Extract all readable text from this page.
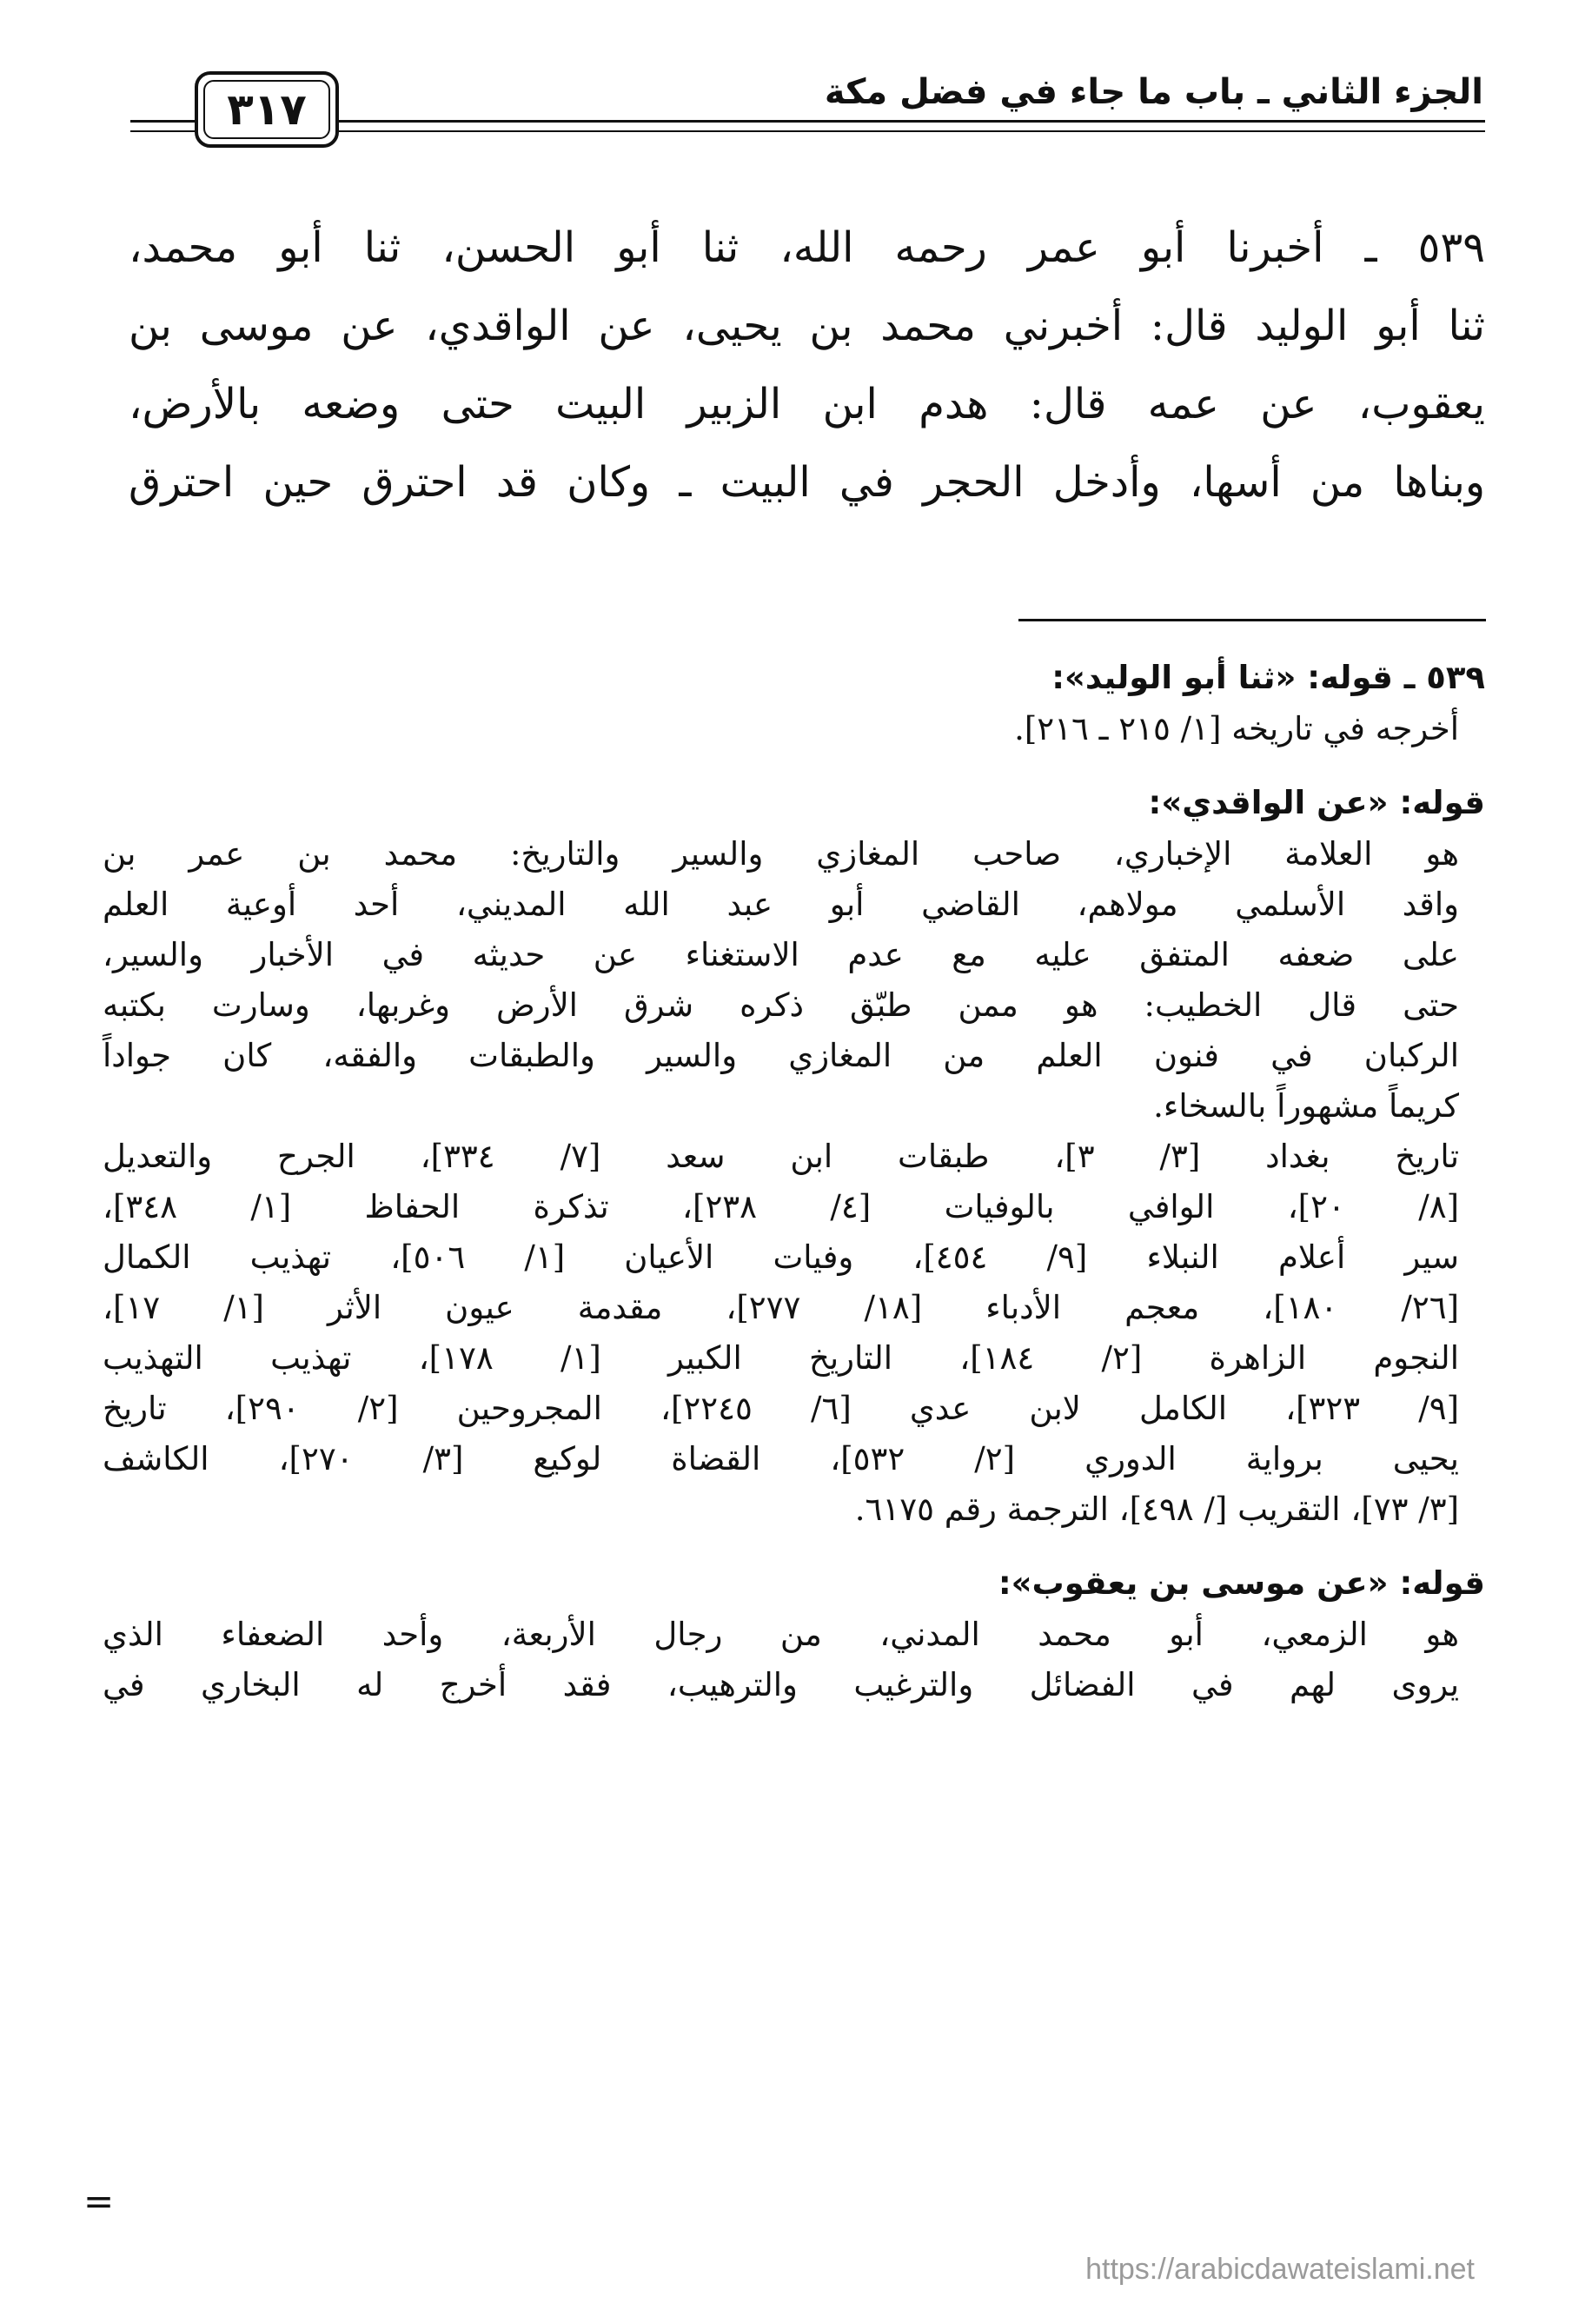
الجزء الثاني ـ باب ما جاء في فضل مكة
٣١٧
٥٣٩ ـ أخبرنا أبو عمر رحمه الله، ثنا أبو الحسن، ثنا أبو محمد،
ثنا أبو الوليد قال: أخبرني محمد بن يحيى، عن الواقدي، عن موسى بن
يعقوب، عن عمه قال: هدم ابن الزبير البيت حتى وضعه بالأرض،
وبناها من أسها، وأدخل الحجر في البيت ـ وكان قد احترق حين احترق
٥٣٩ ـ قوله: «ثنا أبو الوليد»:
أخرجه في تاريخه [١/ ٢١٥ ـ ٢١٦].
قوله: «عن الواقدي»:
هو العلامة الإخباري، صاحب المغازي والسير والتاريخ: محمد بن عمر بن
واقد الأسلمي مولاهم، القاضي أبو عبد الله المديني، أحد أوعية العلم
على ضعفه المتفق عليه مع عدم الاستغناء عن حديثه في الأخبار والسير،
حتى قال الخطيب: هو ممن طبّق ذكره شرق الأرض وغربها، وسارت بكتبه
الركبان في فنون العلم من المغازي والسير والطبقات والفقه، كان جواداً
كريماً مشهوراً بالسخاء.
تاريخ بغداد [٣/ ٣]، طبقات ابن سعد [٧/ ٣٣٤]، الجرح والتعديل
[٨/ ٢٠]، الوافي بالوفيات [٤/ ٢٣٨]، تذكرة الحفاظ [١/ ٣٤٨]،
سير أعلام النبلاء [٩/ ٤٥٤]، وفيات الأعيان [١/ ٥٠٦]، تهذيب الكمال
[٢٦/ ١٨٠]، معجم الأدباء [١٨/ ٢٧٧]، مقدمة عيون الأثر [١/ ١٧]،
النجوم الزاهرة [٢/ ١٨٤]، التاريخ الكبير [١/ ١٧٨]، تهذيب التهذيب
[٩/ ٣٢٣]، الكامل لابن عدي [٦/ ٢٢٤٥]، المجروحين [٢/ ٢٩٠]، تاريخ
يحيى برواية الدوري [٢/ ٥٣٢]، القضاة لوكيع [٣/ ٢٧٠]، الكاشف
[٣/ ٧٣]، التقريب [/ ٤٩٨]، الترجمة رقم ٦١٧٥.
قوله: «عن موسى بن يعقوب»:
هو الزمعي، أبو محمد المدني، من رجال الأربعة، وأحد الضعفاء الذي
يروى لهم في الفضائل والترغيب والترهيب، فقد أخرج له البخاري في
=
https://arabicdawateislami.net
